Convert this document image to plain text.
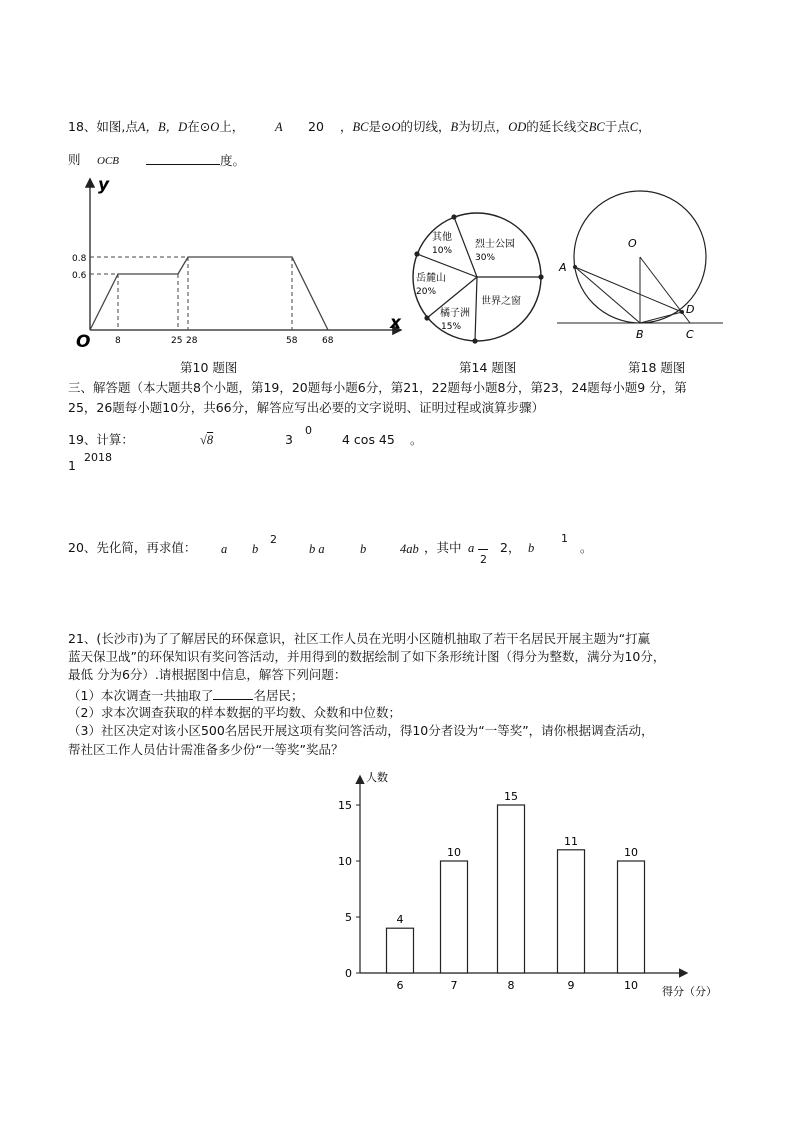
18、如图,点A，B，D在⊙O上， A 20 ，BC是⊙O的切线，B为切点，OD的延长线交BC于点C，
则 OCB	度。
y
x
O
0.8
0.6
8	25 28	58	68
第10 题图
其他
10%
烈士公园
30%
岳麓山
20%
世界之窗
橘子洲
15%
第14 题图
O
A
D
B	C
第18 题图
三、解答题（本大题共8个小题，第19，20题每小题6分，第21，22题每小题8分，第23，24题每小题9 分，第
25，26题每小题10分，共66分，解答应写出必要的文字说明、证明过程或演算步骤）
19、计算：	√8	3
0
4 cos 45 。
1
2018
20、先化简，再求值： a b
2
b a	b	4ab ，其中 a
2
2， b
1
。
21、(长沙市)为了了解居民的环保意识，社区工作人员在光明小区随机抽取了若干名居民开展主题为“打赢
蓝天保卫战”的环保知识有奖问答活动，并用得到的数据绘制了如下条形统计图（得分为整数，满分为10分，
最低 分为6分）.请根据图中信息，解答下列问题：
（1）本次调查一共抽取了	名居民；
（2）求本次调查获取的样本数据的平均数、众数和中位数；
（3）社区决定对该小区500名居民开展这项有奖问答活动，得10分者设为“一等奖”，请你根据调查活动，
帮社区工作人员估计需准备多少份“一等奖”奖品？
人数
得分（分）
0
5
10
15
4
6
10
7
15
8
11
9
10
10
